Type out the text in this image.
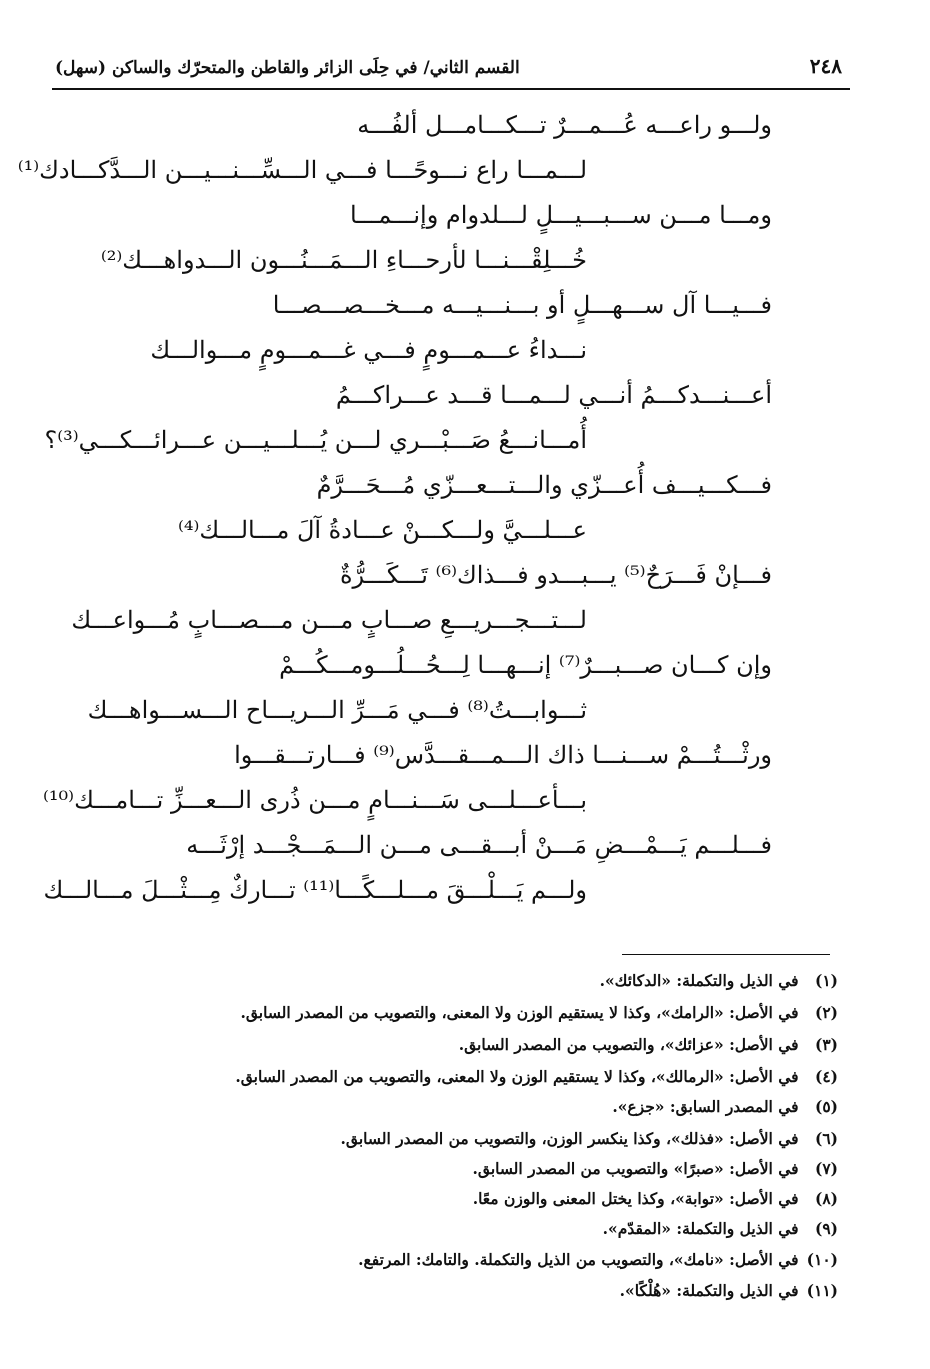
٢٤٨
القسم الثاني/ في حِلَى الزائر والقاطن والمتحرّك والساكن (سهل)
ولـــو راعـــه عُـــمـــرٌ تـــكـــامـــل ألفُـــه
لـــمـــا راع نـــوحًـــا فـــي الـــسِّـــنـــيـــن الـــدَّكـــادك⁽¹⁾
ومـــا مـــن ســـبـــيـــلٍ لـــلدوام وإنـــمـــا
خُـــلِقْـــنـــا لأرحـــاءِ الـــمَـــنُـــون الـــدواهـــك⁽²⁾
فـــيـــا آل ســـهـــلٍ أو بـــنـــيـــه مـــخـــصـــصـــا
نـــداءُ عـــمـــومٍ فـــي غـــمـــومٍ مـــوالـــك
أعـــنـــدكـــمُ أنـــي لـــمـــا قـــد عـــراكـــمُ
أُمـــانـــعُ صَـــبْـــري لـــن يُـــلـــيـــن عـــرائـــكـــي⁽³⁾؟
فـــكـــيـــف أُعـــزّي والـــتـــعـــزّي مُـــحَـــرَّمٌ
عـــلـــيَّ ولـــكـــنْ عـــادةُ آلَ مـــالـــك⁽⁴⁾
فـــإنْ فَـــرَحٌ⁽⁵⁾ يـــبـــدو فـــذاك⁽⁶⁾ تَـــكَـــرُّةٌ
لـــتـــجـــريـــعِ صـــابٍ مـــن مـــصـــابٍ مُـــواعـــك
وإن كـــان صـــبـــرٌ⁽⁷⁾ إنـــهـــا لِـــحُـــلُـــومـــكُـــمْ
ثـــوابـــتُ⁽⁸⁾ فـــي مَـــرِّ الـــريـــاح الـــســـواهـــك
ورثْـــتُـــمْ ســـنـــا ذاك الـــمـــقـــدَّس⁽⁹⁾ فـــارتـــقـــوا
بـــأعـــلـــى سَـــنـــامٍ مـــن ذُرى الـــعـــزِّ تـــامـــك⁽¹⁰⁾
فـــلـــم يَـــمْـــضِ مَـــنْ أبـــقـــى مـــن الـــمَـــجْـــد إرْثَـــه
ولـــم يَـــلْـــقَ مـــلـــكًـــا⁽¹¹⁾ تـــاركٌ مِـــثْـــلَ مـــالـــك
(١) في الذيل والتكملة: «الدكائك».
(٢) في الأصل: «الرامك»، وكذا لا يستقيم الوزن ولا المعنى، والتصويب من المصدر السابق.
(٣) في الأصل: «عزائك»، والتصويب من المصدر السابق.
(٤) في الأصل: «الرمالك»، وكذا لا يستقيم الوزن ولا المعنى، والتصويب من المصدر السابق.
(٥) في المصدر السابق: «جزع».
(٦) في الأصل: «فذلك»، وكذا ينكسر الوزن، والتصويب من المصدر السابق.
(٧) في الأصل: «صبرًا» والتصويب من المصدر السابق.
(٨) في الأصل: «توابة»، وكذا يختل المعنى والوزن معًا.
(٩) في الذيل والتكملة: «المقدّم».
(١٠) في الأصل: «نامك»، والتصويب من الذيل والتكملة. والتامك: المرتفع.
(١١) في الذيل والتكملة: «هُلْكًا».
